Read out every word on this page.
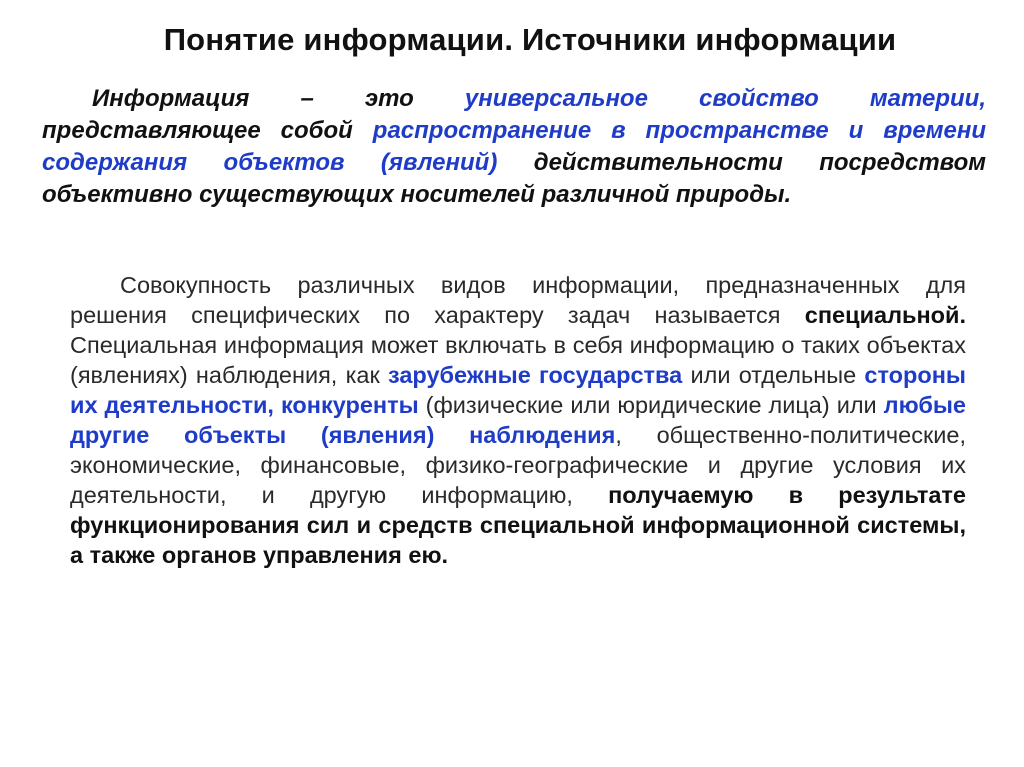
Понятие информации. Источники информации

Информация – это универсальное свойство материи, представляющее собой распространение в пространстве и времени содержания объектов (явлений) действительности посредством объективно существующих носителей различной природы.

Совокупность различных видов информации, предназначенных для решения специфических по характеру задач называется специальной. Специальная информация может включать в себя информацию о таких объектах (явлениях) наблюдения, как зарубежные государства или отдельные стороны их деятельности, конкуренты (физические или юридические лица) или любые другие объекты (явления) наблюдения, общественно-политические, экономические, финансовые, физико-географические и другие условия их деятельности, и другую информацию, получаемую в результате функционирования сил и средств специальной информационной системы, а также органов управления ею.
